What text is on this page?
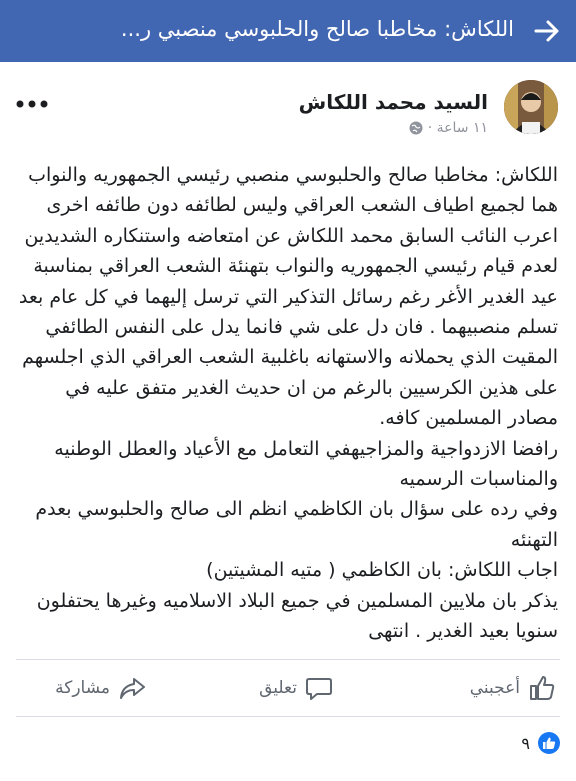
اللكاش: مخاطبا صالح والحلبوسي منصبي ر...
السيد محمد اللكاش
١١ ساعة ·

اللكاش: مخاطبا صالح والحلبوسي منصبي رئيسي الجمهوريه والنواب هما لجميع اطياف الشعب العراقي وليس لطائفه دون طائفه اخرى

اعرب النائب السابق محمد اللكاش عن امتعاضه واستنكاره الشديدين لعدم قيام رئيسي الجمهوريه والنواب بتهنئة الشعب العراقي بمناسبة عيد الغدير الأغر رغم رسائل التذكير التي ترسل إليهما في كل عام بعد تسلم منصبيهما . فان دل على شي فانما يدل على النفس الطائفي المقيت الذي يحملانه والاستهانه باغلبية الشعب العراقي الذي اجلسهم على هذين الكرسيين بالرغم من ان حديث الغدير متفق عليه في مصادر المسلمين كافه.

رافضا الازدواجية والمزاجيهفي التعامل مع الأعياد والعطل الوطنيه والمناسبات الرسميه

وفي رده على سؤال بان الكاظمي انظم الى صالح والحلبوسي بعدم التهنئه

اجاب اللكاش: بان الكاظمي ( متيه المشيتين)

يذكر بان ملايين المسلمين في جميع البلاد الاسلاميه وغيرها يحتفلون سنويا بعيد الغدير . انتهى

أعجبني
تعليق
مشاركة
٩
